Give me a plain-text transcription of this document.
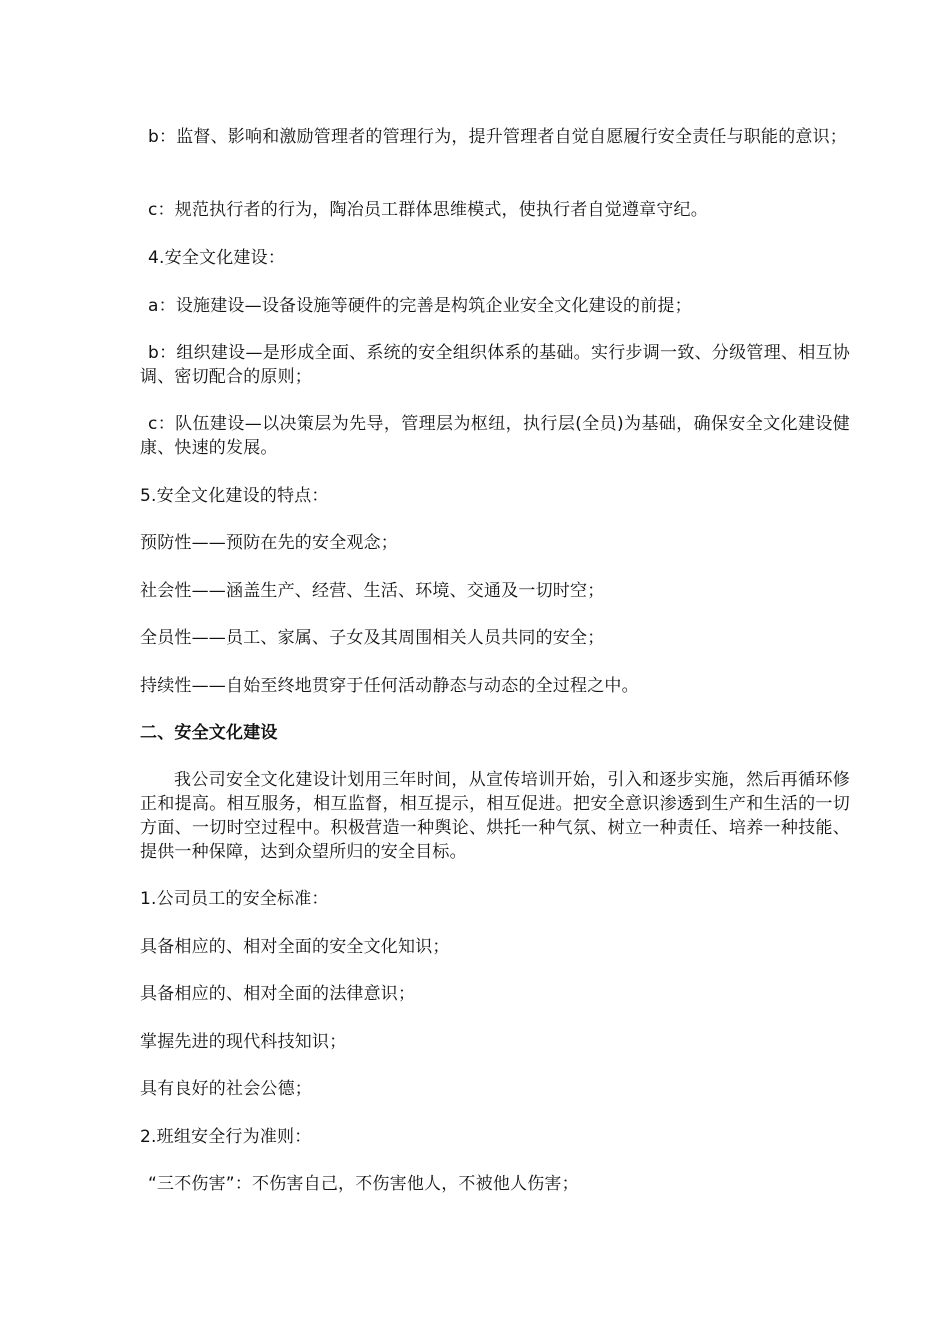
b：监督、影响和激励管理者的管理行为，提升管理者自觉自愿履行安全责任与职能的意识；

c：规范执行者的行为，陶冶员工群体思维模式，使执行者自觉遵章守纪。

4.安全文化建设：

a：设施建设—设备设施等硬件的完善是构筑企业安全文化建设的前提；

b：组织建设—是形成全面、系统的安全组织体系的基础。实行步调一致、分级管理、相互协调、密切配合的原则；

c：队伍建设—以决策层为先导，管理层为枢纽，执行层(全员)为基础，确保安全文化建设健康、快速的发展。

5.安全文化建设的特点：

预防性——预防在先的安全观念；

社会性——涵盖生产、经营、生活、环境、交通及一切时空；

全员性——员工、家属、子女及其周围相关人员共同的安全；

持续性——自始至终地贯穿于任何活动静态与动态的全过程之中。

二、安全文化建设

我公司安全文化建设计划用三年时间，从宣传培训开始，引入和逐步实施，然后再循环修正和提高。相互服务，相互监督，相互提示，相互促进。把安全意识渗透到生产和生活的一切方面、一切时空过程中。积极营造一种舆论、烘托一种气氛、树立一种责任、培养一种技能、提供一种保障，达到众望所归的安全目标。

1.公司员工的安全标准：

具备相应的、相对全面的安全文化知识；

具备相应的、相对全面的法律意识；

掌握先进的现代科技知识；

具有良好的社会公德；

2.班组安全行为准则：

“三不伤害”：不伤害自己，不伤害他人，不被他人伤害；
